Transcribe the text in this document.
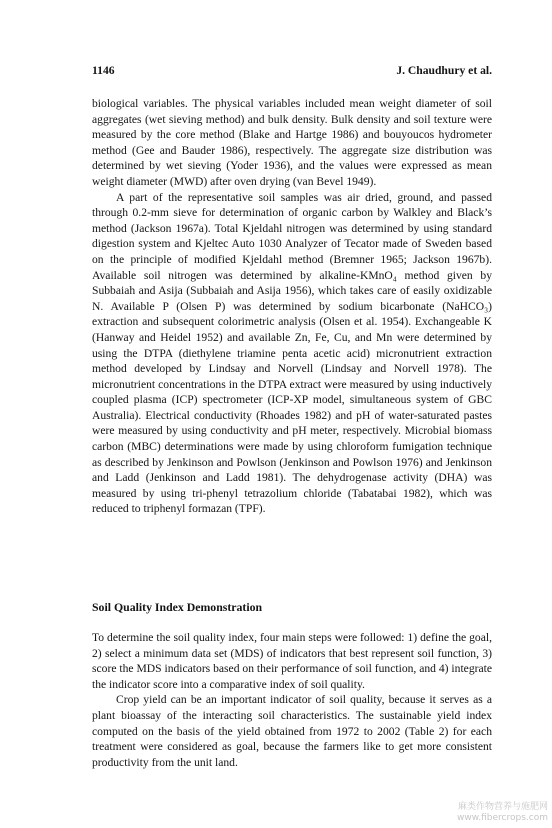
1146	J. Chaudhury et al.

biological variables. The physical variables included mean weight diameter of soil aggregates (wet sieving method) and bulk density. Bulk density and soil texture were measured by the core method (Blake and Hartge 1986) and bouyoucos hydrometer method (Gee and Bauder 1986), respectively. The aggregate size distribution was determined by wet sieving (Yoder 1936), and the values were expressed as mean weight diameter (MWD) after oven drying (van Bevel 1949).

A part of the representative soil samples was air dried, ground, and passed through 0.2-mm sieve for determination of organic carbon by Walkley and Black’s method (Jackson 1967a). Total Kjeldahl nitrogen was determined by using standard digestion system and Kjeltec Auto 1030 Analyzer of Tecator made of Sweden based on the principle of modified Kjeldahl method (Bremner 1965; Jackson 1967b). Available soil nitrogen was determined by alkaline-KMnO₄ method given by Subbaiah and Asija (Subbaiah and Asija 1956), which takes care of easily oxidizable N. Available P (Olsen P) was determined by sodium bicarbonate (NaHCO₃) extraction and subsequent colorimetric analysis (Olsen et al. 1954). Exchangeable K (Hanway and Heidel 1952) and available Zn, Fe, Cu, and Mn were determined by using the DTPA (diethylene triamine penta acetic acid) micronutrient extraction method developed by Lindsay and Norvell (Lindsay and Norvell 1978). The micronutrient concentrations in the DTPA extract were measured by using inductively coupled plasma (ICP) spectrometer (ICP-XP model, simultaneous system of GBC Australia). Electrical conductivity (Rhoades 1982) and pH of water-saturated pastes were measured by using conductivity and pH meter, respectively. Microbial biomass carbon (MBC) determinations were made by using chloroform fumigation technique as described by Jenkinson and Powlson (Jenkinson and Powlson 1976) and Jenkinson and Ladd (Jenkinson and Ladd 1981). The dehydrogenase activity (DHA) was measured by using tri-phenyl tetrazolium chloride (Tabatabai 1982), which was reduced to triphenyl formazan (TPF).

Soil Quality Index Demonstration

To determine the soil quality index, four main steps were followed: 1) define the goal, 2) select a minimum data set (MDS) of indicators that best represent soil function, 3) score the MDS indicators based on their performance of soil function, and 4) integrate the indicator score into a comparative index of soil quality.

Crop yield can be an important indicator of soil quality, because it serves as a plant bioassay of the interacting soil characteristics. The sustainable yield index computed on the basis of the yield obtained from 1972 to 2002 (Table 2) for each treatment were considered as goal, because the farmers like to get more consistent productivity from the unit land.

麻类作物营养与施肥网
www.fibercrops.com
